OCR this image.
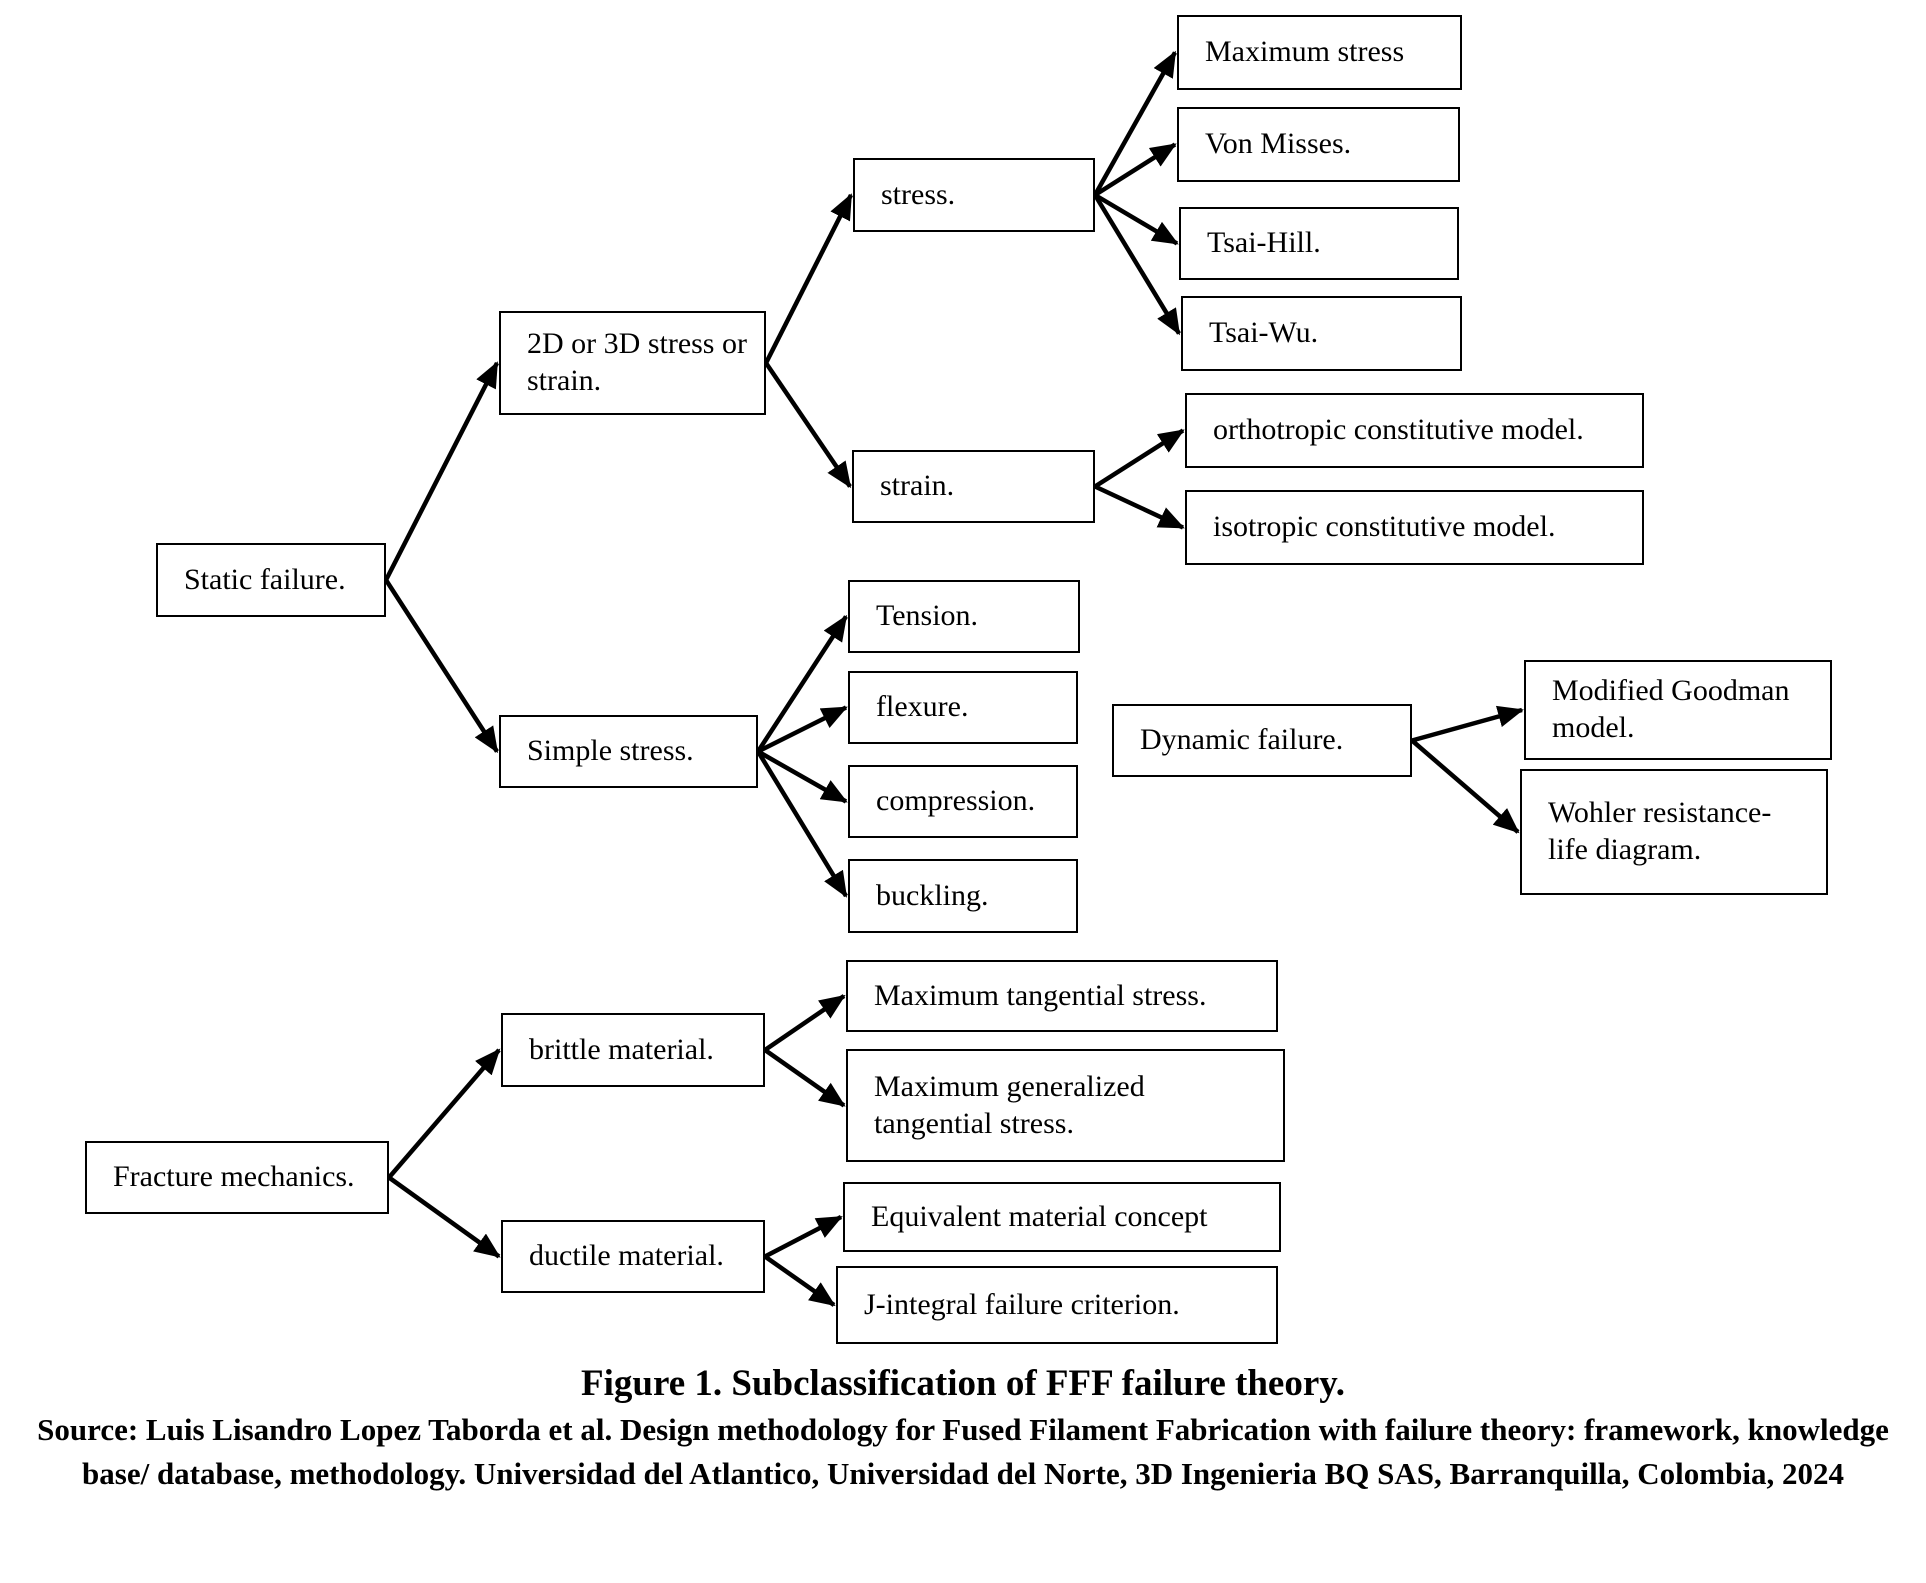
Static failure.
2D or 3D stress or strain.
stress.
Maximum stress
Von Misses.
Tsai-Hill.
Tsai-Wu.
strain.
orthotropic constitutive model.
isotropic constitutive model.
Simple stress.
Tension.
flexure.
compression.
buckling.
Dynamic failure.
Modified Goodman model.
Wohler resistance-life diagram.
Fracture mechanics.
brittle material.
ductile material.
Maximum tangential stress.
Maximum generalized tangential stress.
Equivalent material concept
J-integral failure criterion.
Figure 1. Subclassification of FFF failure theory.
Source: Luis Lisandro Lopez Taborda et al. Design methodology for Fused Filament Fabrication with failure theory: framework, knowledge base/ database, methodology. Universidad del Atlantico, Universidad del Norte, 3D Ingenieria BQ SAS, Barranquilla, Colombia, 2024
